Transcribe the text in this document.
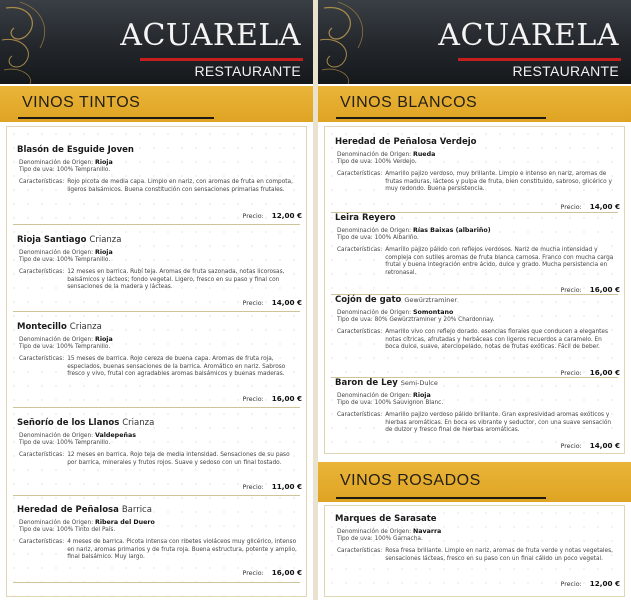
ACUARELA
RESTAURANTE
VINOS TINTOS
Blasón de Esguide Joven
Denominación de Origen: Rioja
Tipo de uva: 100% Tempranillo.
Características: Rojo picota de media capa. Limpio en nariz, con aromas de fruta en compota, ligeros balsámicos. Buena constitución con sensaciones primarias frutales.
Precio: 12,00 €
Rioja Santiago Crianza
Denominación de Origen: Rioja
Tipo de uva: 100% Tempranillo.
Características: 12 meses en barrica. Rubí teja. Aromas de fruta sazonada, notas licorosas, balsámicos y lácteos; fondo vegetal. Ligero, fresco en su paso y final con sensaciones de la madera y lácteas.
Precio: 14,00 €
Montecillo Crianza
Denominación de Origen: Rioja
Tipo de uva: 100% Tempranillo.
Características: 15 meses de barrica. Rojo cereza de buena capa. Aromas de fruta roja, especiados, buenas sensaciones de la barrica. Aromático en nariz. Sabroso fresco y vivo, frutal con agradables aromas balsámicos y buenas maderas.
Precio: 16,00 €
Señorío de los Llanos Crianza
Denominación de Origen: Valdepeñas
Tipo de uva: 100% Tempranillo.
Características: 12 meses en barrica. Rojo teja de media intensidad. Sensaciones de su paso por barrica, minerales y frutos rojos. Suave y sedoso con un final tostado.
Precio: 11,00 €
Heredad de Peñalosa Barrica
Denominación de Origen: Ribera del Duero
Tipo de uva: 100% Tinto del País.
Características: 4 meses de barrica. Picota intensa con ribetes violáceos muy glicérico, intenso en nariz, aromas primarios y de fruta roja. Buena estructura, potente y amplio, final balsámico. Muy largo.
Precio: 16,00 €
ACUARELA
RESTAURANTE
VINOS BLANCOS
Heredad de Peñalosa Verdejo
Denominación de Origen: Rueda
Tipo de uva: 100% Verdejo.
Características: Amarillo pajizo verdoso, muy brillante. Limpio e intenso en nariz, aromas de frutas maduras, lácteos y pulpa de fruta, bien constituido, sabroso, glicérico y muy redondo. Buena persistencia.
Precio: 14,00 €
Leira Reyero
Denominación de Origen: Rías Baixas (albariño)
Tipo de uva: 100% Albariño.
Características: Amarillo pajizo pálido con reflejos verdosos. Nariz de mucha intensidad y compleja con sutiles aromas de fruta blanca carnosa. Franco con mucha carga frutal y buena integración entre ácido, dulce y grado. Mucha persistencia en retronasal.
Precio: 16,00 €
Cojón de gato Gewürztraminer
Denominación de Origen: Somontano
Tipo de uva: 80% Gewürztraminer y 20% Chardonnay.
Características: Amarillo vivo con reflejo dorado. esencias florales que conducen a elegantes notas cítricas, afrutadas y herbáceas con ligeros recuerdos a caramelo. En boca dulce, suave, aterciopelado, notas de frutas exóticas. Fácil de beber.
Precio: 16,00 €
Baron de Ley Semi-Dulce
Denominación de Origen: Rioja
Tipo de uva: 100% Sauvignon Blanc.
Características: Amarillo pajizo verdoso pálido brillante. Gran expresividad aromas exóticos y hierbas aromáticas. En boca es vibrante y seductor, con una suave sensación de dulzor y fresco final de hierbas aromáticas.
Precio: 14,00 €
VINOS ROSADOS
Marques de Sarasate
Denominación de Origen: Navarra
Tipo de uva: 100% Garnacha.
Características: Rosa fresa brillante. Limpio en nariz, aromas de fruta verde y notas vegetales, sensaciones lácteas, fresco en su paso con un final cálido un poco vegetal.
Precio: 12,00 €
